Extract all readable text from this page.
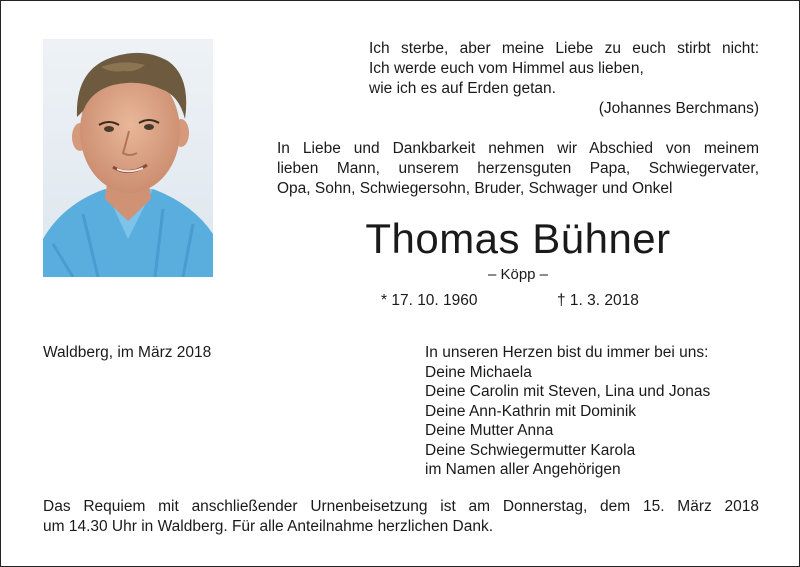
Ich sterbe, aber meine Liebe zu euch stirbt nicht:
Ich werde euch vom Himmel aus lieben,
wie ich es auf Erden getan.
(Johannes Berchmans)
In Liebe und Dankbarkeit nehmen wir Abschied von meinem
lieben Mann, unserem herzensguten Papa, Schwiegervater,
Opa, Sohn, Schwiegersohn, Bruder, Schwager und Onkel
Thomas Bühner
– Köpp –
* 17. 10. 1960	† 1. 3. 2018
Waldberg, im März 2018	In unseren Herzen bist du immer bei uns:
Deine Michaela
Deine Carolin mit Steven, Lina und Jonas
Deine Ann-Kathrin mit Dominik
Deine Mutter Anna
Deine Schwiegermutter Karola
im Namen aller Angehörigen
Das Requiem mit anschließender Urnenbeisetzung ist am Donnerstag, dem 15. März 2018
um 14.30 Uhr in Waldberg. Für alle Anteilnahme herzlichen Dank.
